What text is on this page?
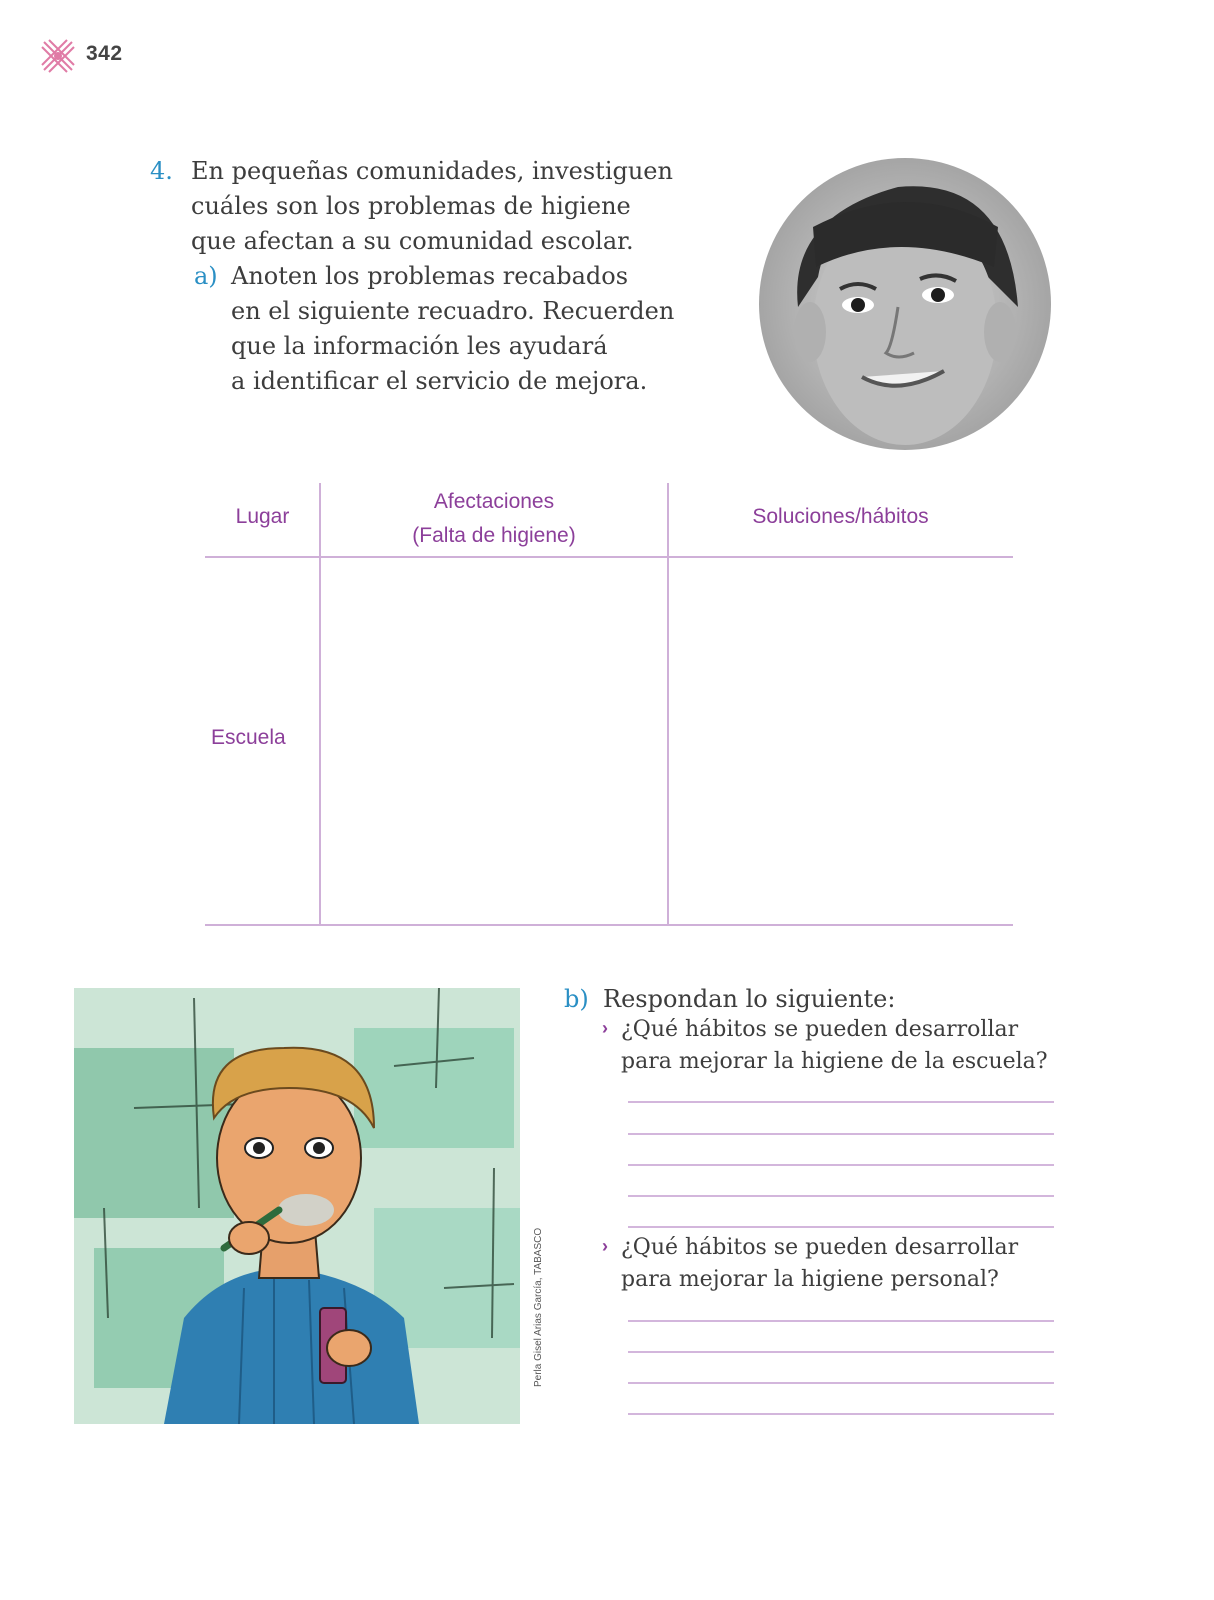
342
4. En pequeñas comunidades, investiguen
cuáles son los problemas de higiene
que afectan a su comunidad escolar.
a) Anoten los problemas recabados
en el siguiente recuadro. Recuerden
que la información les ayudará
a identificar el servicio de mejora.
Lugar
Afectaciones
(Falta de higiene)
Soluciones/hábitos
Escuela
Perla Gisel Arias García, TABASCO
b) Respondan lo siguiente:
› ¿Qué hábitos se pueden desarrollar
para mejorar la higiene de la escuela?
› ¿Qué hábitos se pueden desarrollar
para mejorar la higiene personal?
